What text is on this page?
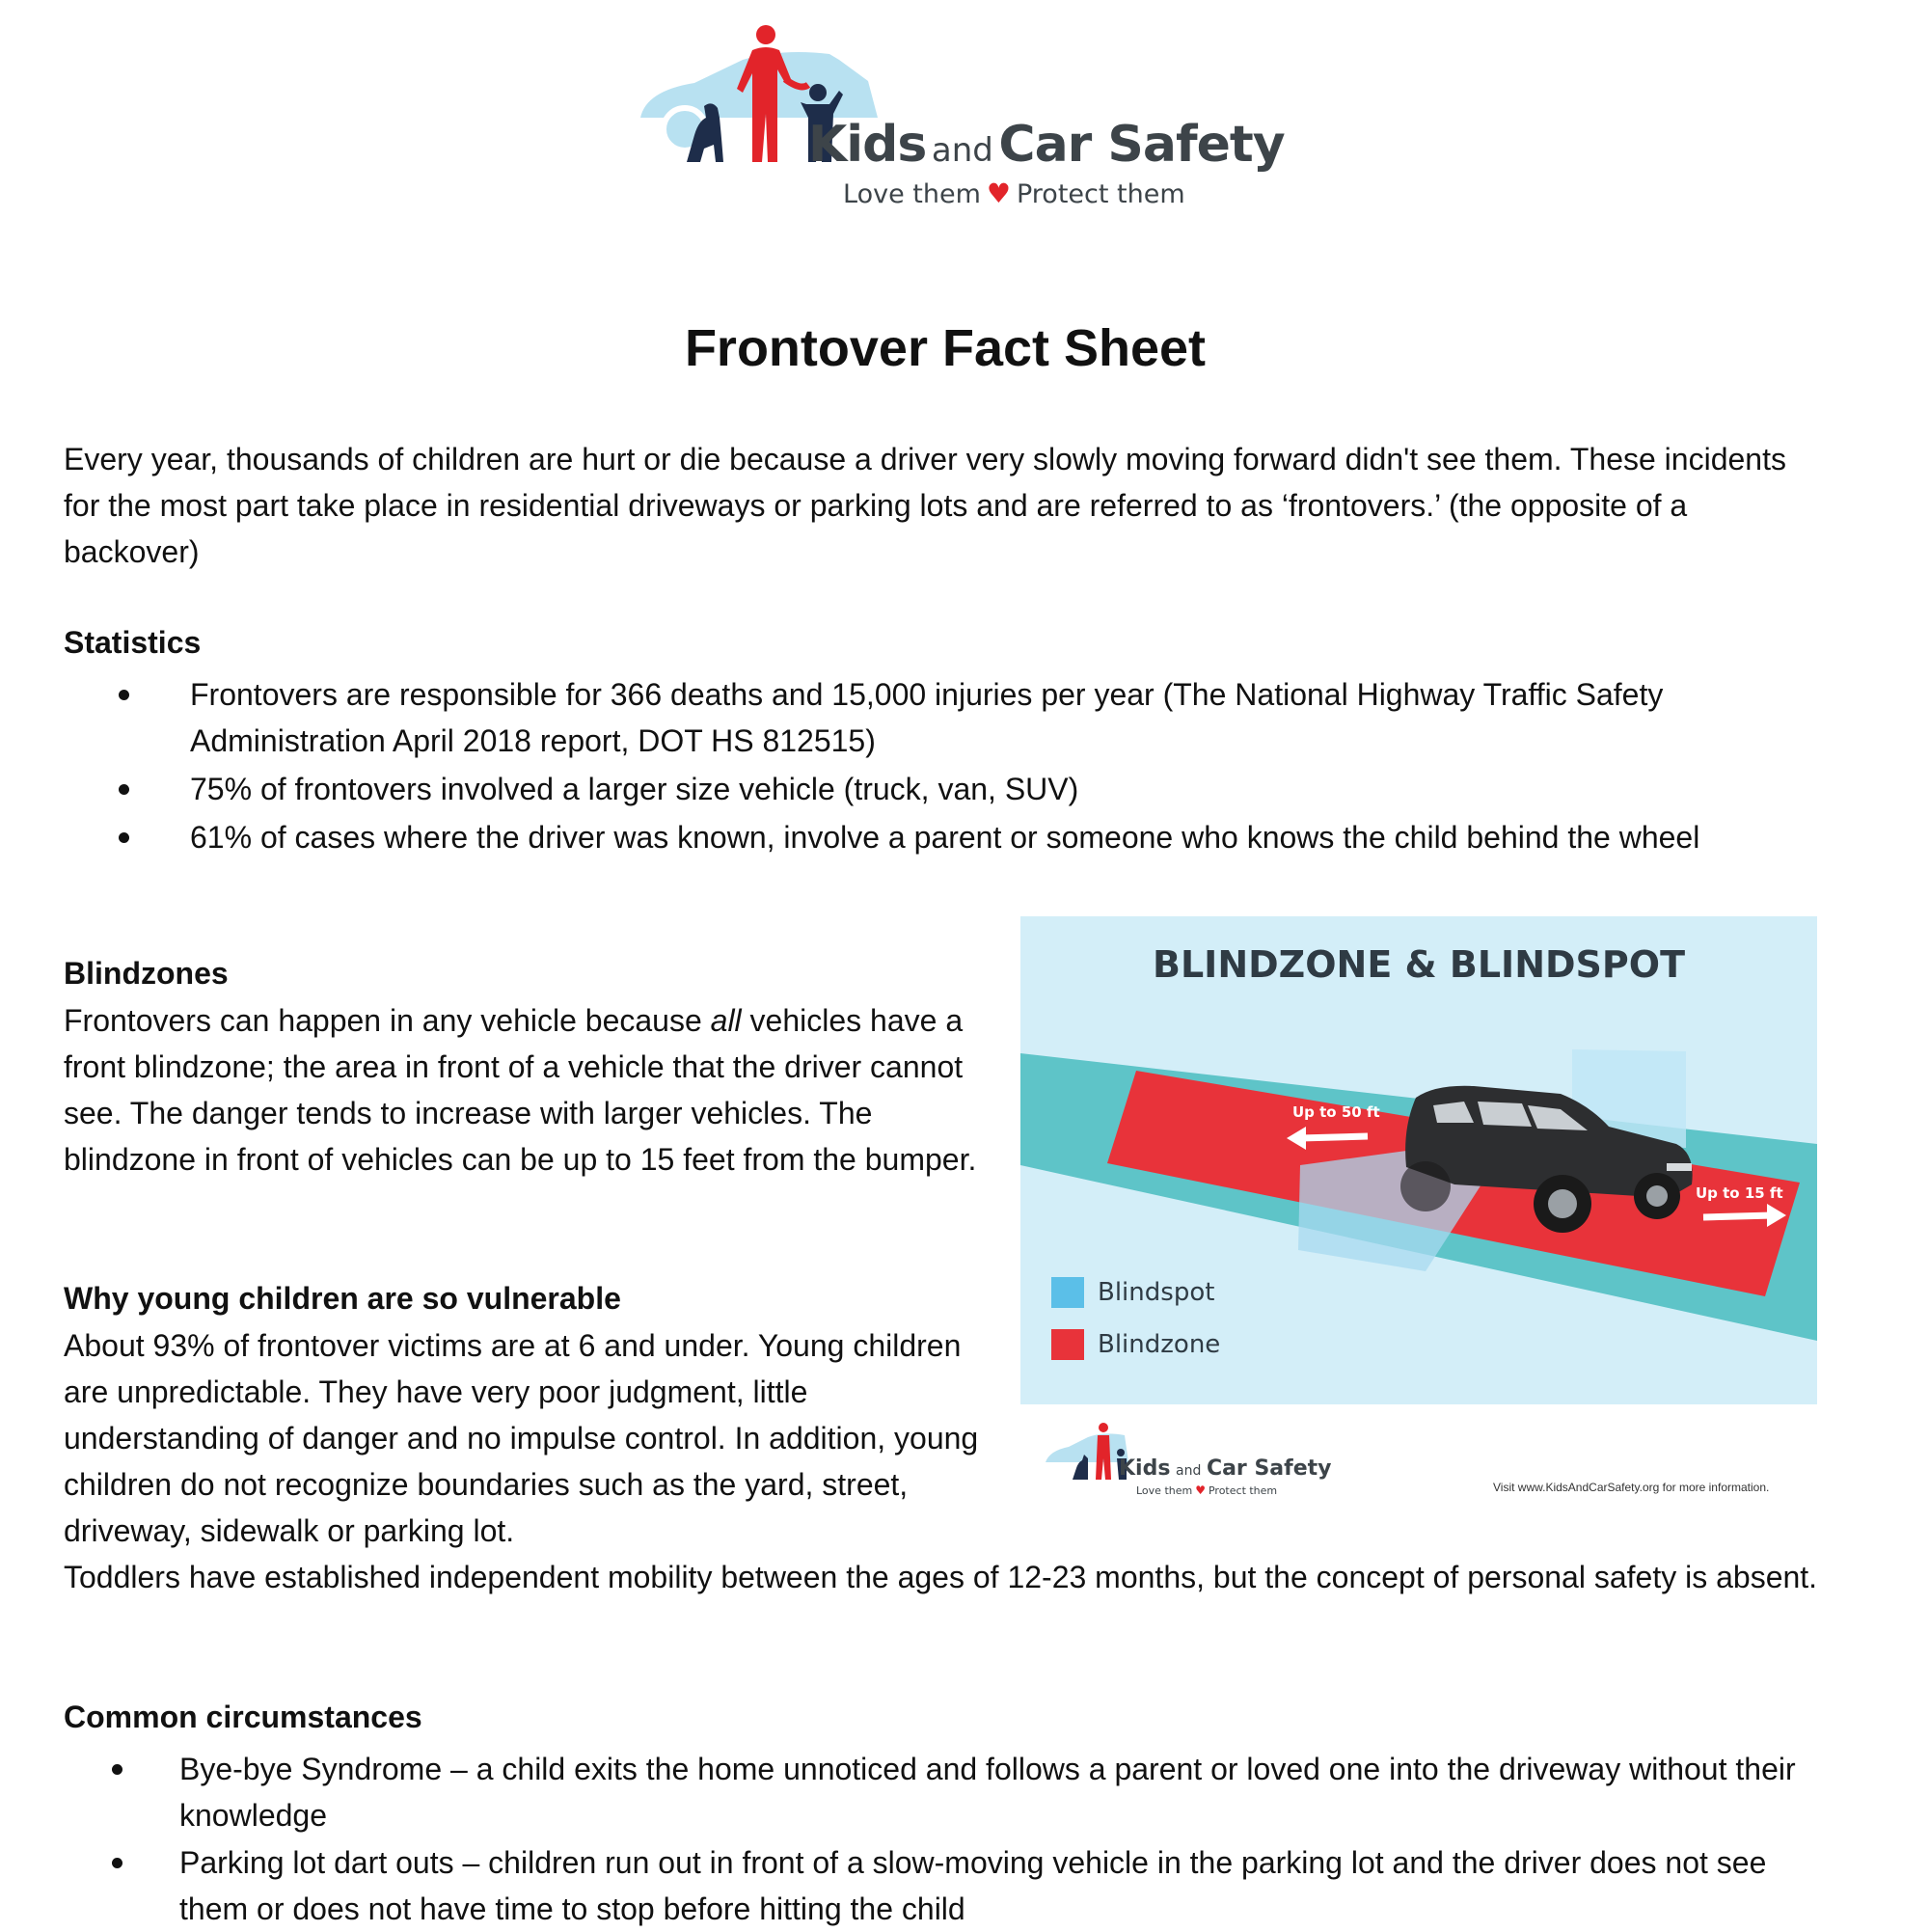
Kids and Car Safety
Love them ♥ Protect them
Frontover Fact Sheet

Every year, thousands of children are hurt or die because a driver very slowly moving forward didn't see them. These incidents for the most part take place in residential driveways or parking lots and are referred to as ‘frontovers.’ (the opposite of a backover)

Statistics
Frontovers are responsible for 366 deaths and 15,000 injuries per year (The National Highway Traffic Safety Administration April 2018 report, DOT HS 812515)
75% of frontovers involved a larger size vehicle (truck, van, SUV)
61% of cases where the driver was known, involve a parent or someone who knows the child behind the wheel
Blindzones

Frontovers can happen in any vehicle because all vehicles have a front blindzone; the area in front of a vehicle that the driver cannot see. The danger tends to increase with larger vehicles. The blindzone in front of vehicles can be up to 15 feet from the bumper.

Why young children are so vulnerable

About 93% of frontover victims are at 6 and under. Young children are unpredictable. They have very poor judgment, little understanding of danger and no impulse control. In addition, young children do not recognize boundaries such as the yard, street, driveway, sidewalk or parking lot.

Toddlers have established independent mobility between the ages of 12-23 months, but the concept of personal safety is absent.

BLINDZONE & BLINDSPOT
Up to 50 ft
Up to 15 ft
Blindspot
Blindzone
Kids and Car Safety
Love them ♥ Protect them	Visit www.KidsAndCarSafety.org for more information.
Common circumstances
Bye-bye Syndrome – a child exits the home unnoticed and follows a parent or loved one into the driveway without their knowledge
Parking lot dart outs – children run out in front of a slow-moving vehicle in the parking lot and the driver does not see them or does not have time to stop before hitting the child
